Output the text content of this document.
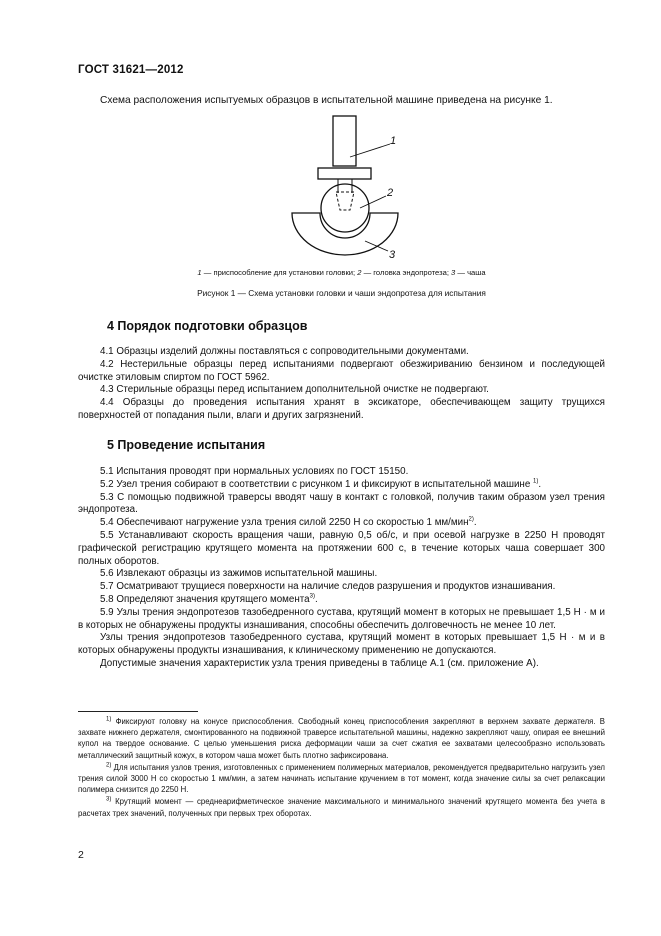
ГОСТ 31621—2012
Схема расположения испытуемых образцов в испытательной машине приведена на рисунке 1.
1
2
3
1 — приспособление для установки головки; 2 — головка эндопротеза; 3 — чаша
Рисунок 1 — Схема установки головки и чаши эндопротеза для испытания
4 Порядок подготовки образцов

4.1 Образцы изделий должны поставляться с сопроводительными документами.

4.2 Нестерильные образцы перед испытаниями подвергают обезжириванию бензином и последующей очистке этиловым спиртом по ГОСТ 5962.

4.3 Стерильные образцы перед испытанием дополнительной очистке не подвергают.

4.4 Образцы до проведения испытания хранят в эксикаторе, обеспечивающем защиту трущихся поверхностей от попадания пыли, влаги и других загрязнений.

5 Проведение испытания

5.1 Испытания проводят при нормальных условиях по ГОСТ 15150.

5.2 Узел трения собирают в соответствии с рисунком 1 и фиксируют в испытательной машине $^{1)}$.

5.3 С помощью подвижной траверсы вводят чашу в контакт с головкой, получив таким образом узел трения эндопротеза.

5.4 Обеспечивают нагружение узла трения силой 2250 Н со скоростью 1 мм/мин$^{2)}$.

5.5 Устанавливают скорость вращения чаши, равную 0,5 об/с, и при осевой нагрузке в 2250 Н проводят графической регистрацию крутящего момента на протяжении 600 с, в течение которых чаша совершает 300 полных оборотов.

5.6 Извлекают образцы из зажимов испытательной машины.

5.7 Осматривают трущиеся поверхности на наличие следов разрушения и продуктов изнашивания.

5.8 Определяют значения крутящего момента$^{3)}$.

5.9 Узлы трения эндопротезов тазобедренного сустава, крутящий момент в которых не превышает 1,5 Н · м и в которых не обнаружены продукты изнашивания, способны обеспечить долговечность не менее 10 лет.

Узлы трения эндопротезов тазобедренного сустава, крутящий момент в которых превышает 1,5 Н · м и в которых обнаружены продукты изнашивания, к клиническому применению не допускаются.

Допустимые значения характеристик узла трения приведены в таблице А.1 (см. приложение А).

$^{1)}$ Фиксируют головку на конусе приспособления. Свободный конец приспособления закрепляют в верхнем захвате держателя. В захвате нижнего держателя, смонтированного на подвижной траверсе испытательной машины, надежно закрепляют чашу, опирая ее внешний купол на твердое основание. С целью уменьшения риска деформации чаши за счет сжатия ее захватами целесообразно использовать металлический защитный кожух, в котором чаша может быть плотно зафиксирована.

$^{2)}$ Для испытания узлов трения, изготовленных с применением полимерных материалов, рекомендуется предварительно нагрузить узел трения силой 3000 Н со скоростью 1 мм/мин, а затем начинать испытание кручением в тот момент, когда значение силы за счет релаксации полимера снизится до 2250 Н.

$^{3)}$ Крутящий момент — среднеарифметическое значение максимального и минимального значений крутящего момента без учета в расчетах трех значений, полученных при первых трех оборотах.

2
